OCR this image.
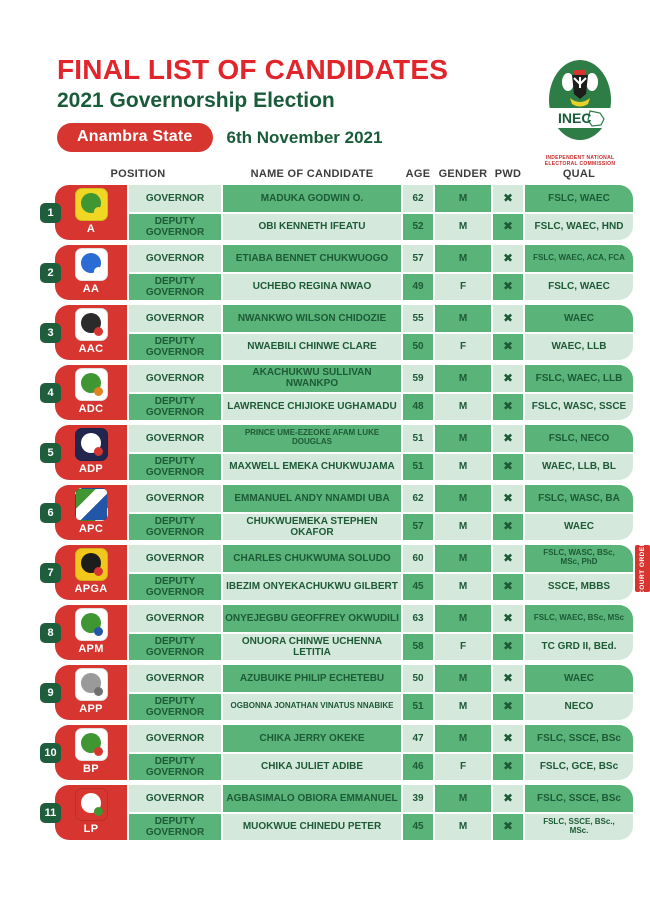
FINAL LIST OF CANDIDATES
2021 Governorship Election
Anambra State	6th November 2021
INEC
INDEPENDENT NATIONAL
ELECTORAL COMMISSION
POSITION	NAME OF CANDIDATE	AGE GENDER PWD	QUAL
1
A
GOVERNOR	MADUKA GODWIN O.	62	M	✖	FSLC, WAEC
DEPUTY GOVERNOR	OBI KENNETH IFEATU	52	M	✖ FSLC, WAEC, HND
2
AA
GOVERNOR	ETIABA BENNET CHUKWUOGO 57	M	✖	FSLC, WAEC, ACA, FCA
DEPUTY GOVERNOR	UCHEBO REGINA NWAO	49	F	✖	FSLC, WAEC
3
AAC
GOVERNOR	NWANKWO WILSON CHIDOZIE	55	M	✖	WAEC
DEPUTY GOVERNOR	NWAEBILI CHINWE CLARE	50	F	✖	WAEC, LLB
4
ADC
GOVERNOR	AKACHUKWU SULLIVAN NWANKPO	59	M	✖ FSLC, WAEC, LLB
DEPUTY GOVERNOR	LAWRENCE CHIJIOKE UGHAMADU 48	M	✖ FSLC, WASC, SSCE
5
ADP
GOVERNOR	PRINCE UME-EZEOKE AFAM LUKE DOUGLAS	51	M	✖	FSLC, NECO
DEPUTY GOVERNOR	MAXWELL EMEKA CHUKWUJAMA 51	M	✖	WAEC, LLB, BL
6
APC
GOVERNOR	EMMANUEL ANDY NNAMDI UBA 62	M	✖	FSLC, WASC, BA
DEPUTY GOVERNOR
CHUKWUEMEKA STEPHEN OKAFOR	57	M	✖	WAEC
7
APGA
GOVERNOR	CHARLES CHUKWUMA SOLUDO 60	M	✖	FSLC, WASC, BSc, MSc, PhD
DEPUTY GOVERNOR	IBEZIM ONYEKACHUKWU GILBERT 45	M	✖	SSCE, MBBS	COURT ORDER
8
APM
GOVERNOR ONYEJEGBU GEOFFREY OKWUDILI 63	M	✖	FSLC, WAEC, BSc, MSc
DEPUTY GOVERNOR
ONUORA CHINWE UCHENNA LETITIA	58	F	✖	TC GRD II, BEd.
9
APP
GOVERNOR	AZUBUIKE PHILIP ECHETEBU	50	M	✖	WAEC
DEPUTY GOVERNOR
OGBONNA JONATHAN VINATUS NNABIKE 51	M	✖	NECO
10
BP
GOVERNOR	CHIKA JERRY OKEKE	47	M	✖ FSLC, SSCE, BSc
DEPUTY GOVERNOR	CHIKA JULIET ADIBE	46	F	✖	FSLC, GCE, BSc
11
LP
GOVERNOR AGBASIMALO OBIORA EMMANUEL 39	M	✖ FSLC, SSCE, BSc
DEPUTY GOVERNOR	MUOKWUE CHINEDU PETER	45	M	✖	FSLC, SSCE, BSc., MSc.
